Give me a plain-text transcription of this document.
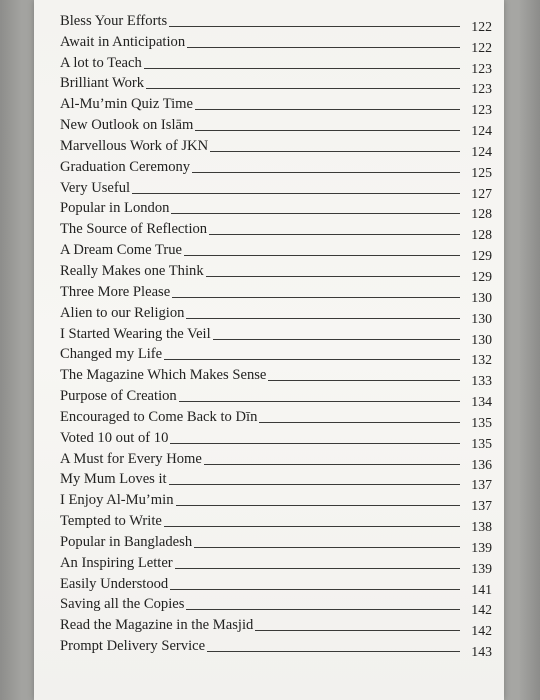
Bless Your Efforts	122
Await in Anticipation	122
A lot to Teach	123
Brilliant Work	123
Al-Mu’min Quiz Time	123
New Outlook on Islām	124
Marvellous Work of JKN	124
Graduation Ceremony	125
Very Useful	127
Popular in London	128
The Source of Reflection	128
A Dream Come True	129
Really Makes one Think	129
Three More Please	130
Alien to our Religion	130
I Started Wearing the Veil	130
Changed my Life	132
The Magazine Which Makes Sense	133
Purpose of Creation	134
Encouraged to Come Back to Dīn	135
Voted 10 out of 10	135
A Must for Every Home	136
My Mum Loves it	137
I Enjoy Al-Mu’min	137
Tempted to Write	138
Popular in Bangladesh	139
An Inspiring Letter	139
Easily Understood	141
Saving all the Copies	142
Read the Magazine in the Masjid	142
Prompt Delivery Service	143
